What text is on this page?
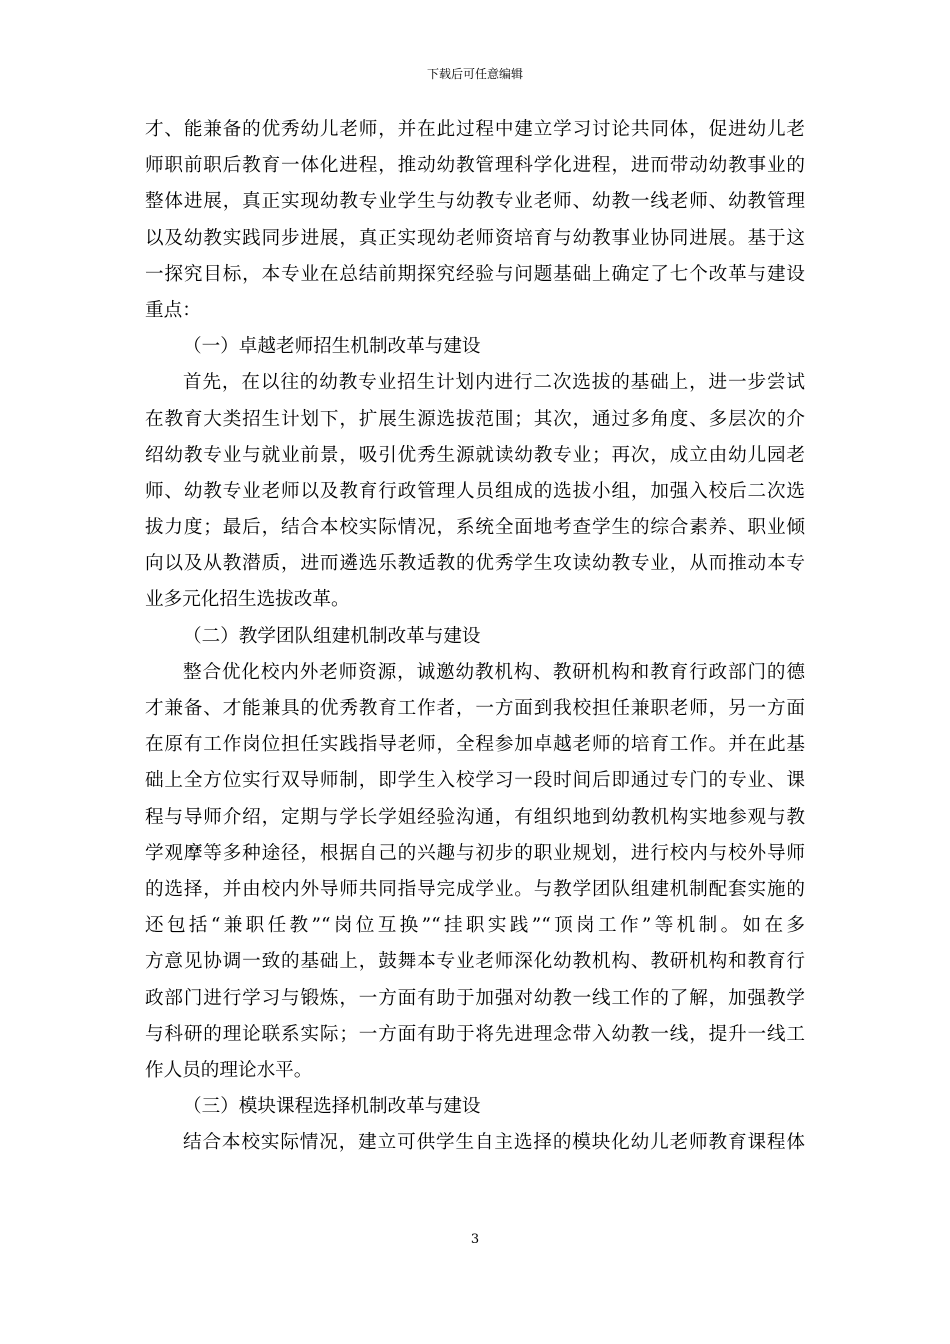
下载后可任意编辑
才、能兼备的优秀幼儿老师，并在此过程中建立学习讨论共同体，促进幼儿老
师职前职后教育一体化进程，推动幼教管理科学化进程，进而带动幼教事业的
整体进展，真正实现幼教专业学生与幼教专业老师、幼教一线老师、幼教管理
以及幼教实践同步进展，真正实现幼老师资培育与幼教事业协同进展。基于这
一探究目标，本专业在总结前期探究经验与问题基础上确定了七个改革与建设
重点：
（一）卓越老师招生机制改革与建设
首先，在以往的幼教专业招生计划内进行二次选拔的基础上，进一步尝试
在教育大类招生计划下，扩展生源选拔范围；其次，通过多角度、多层次的介
绍幼教专业与就业前景，吸引优秀生源就读幼教专业；再次，成立由幼儿园老
师、幼教专业老师以及教育行政管理人员组成的选拔小组，加强入校后二次选
拔力度；最后，结合本校实际情况，系统全面地考查学生的综合素养、职业倾
向以及从教潜质，进而遴选乐教适教的优秀学生攻读幼教专业，从而推动本专
业多元化招生选拔改革。
（二）教学团队组建机制改革与建设
整合优化校内外老师资源，诚邀幼教机构、教研机构和教育行政部门的德
才兼备、才能兼具的优秀教育工作者，一方面到我校担任兼职老师，另一方面
在原有工作岗位担任实践指导老师，全程参加卓越老师的培育工作。并在此基
础上全方位实行双导师制，即学生入校学习一段时间后即通过专门的专业、课
程与导师介绍，定期与学长学姐经验沟通，有组织地到幼教机构实地参观与教
学观摩等多种途径，根据自己的兴趣与初步的职业规划，进行校内与校外导师
的选择，并由校内外导师共同指导完成学业。与教学团队组建机制配套实施的
还包括“兼职任教”“岗位互换”“挂职实践”“顶岗工作”等机制。如在多
方意见协调一致的基础上，鼓舞本专业老师深化幼教机构、教研机构和教育行
政部门进行学习与锻炼，一方面有助于加强对幼教一线工作的了解，加强教学
与科研的理论联系实际；一方面有助于将先进理念带入幼教一线，提升一线工
作人员的理论水平。
（三）模块课程选择机制改革与建设
结合本校实际情况，建立可供学生自主选择的模块化幼儿老师教育课程体
3
